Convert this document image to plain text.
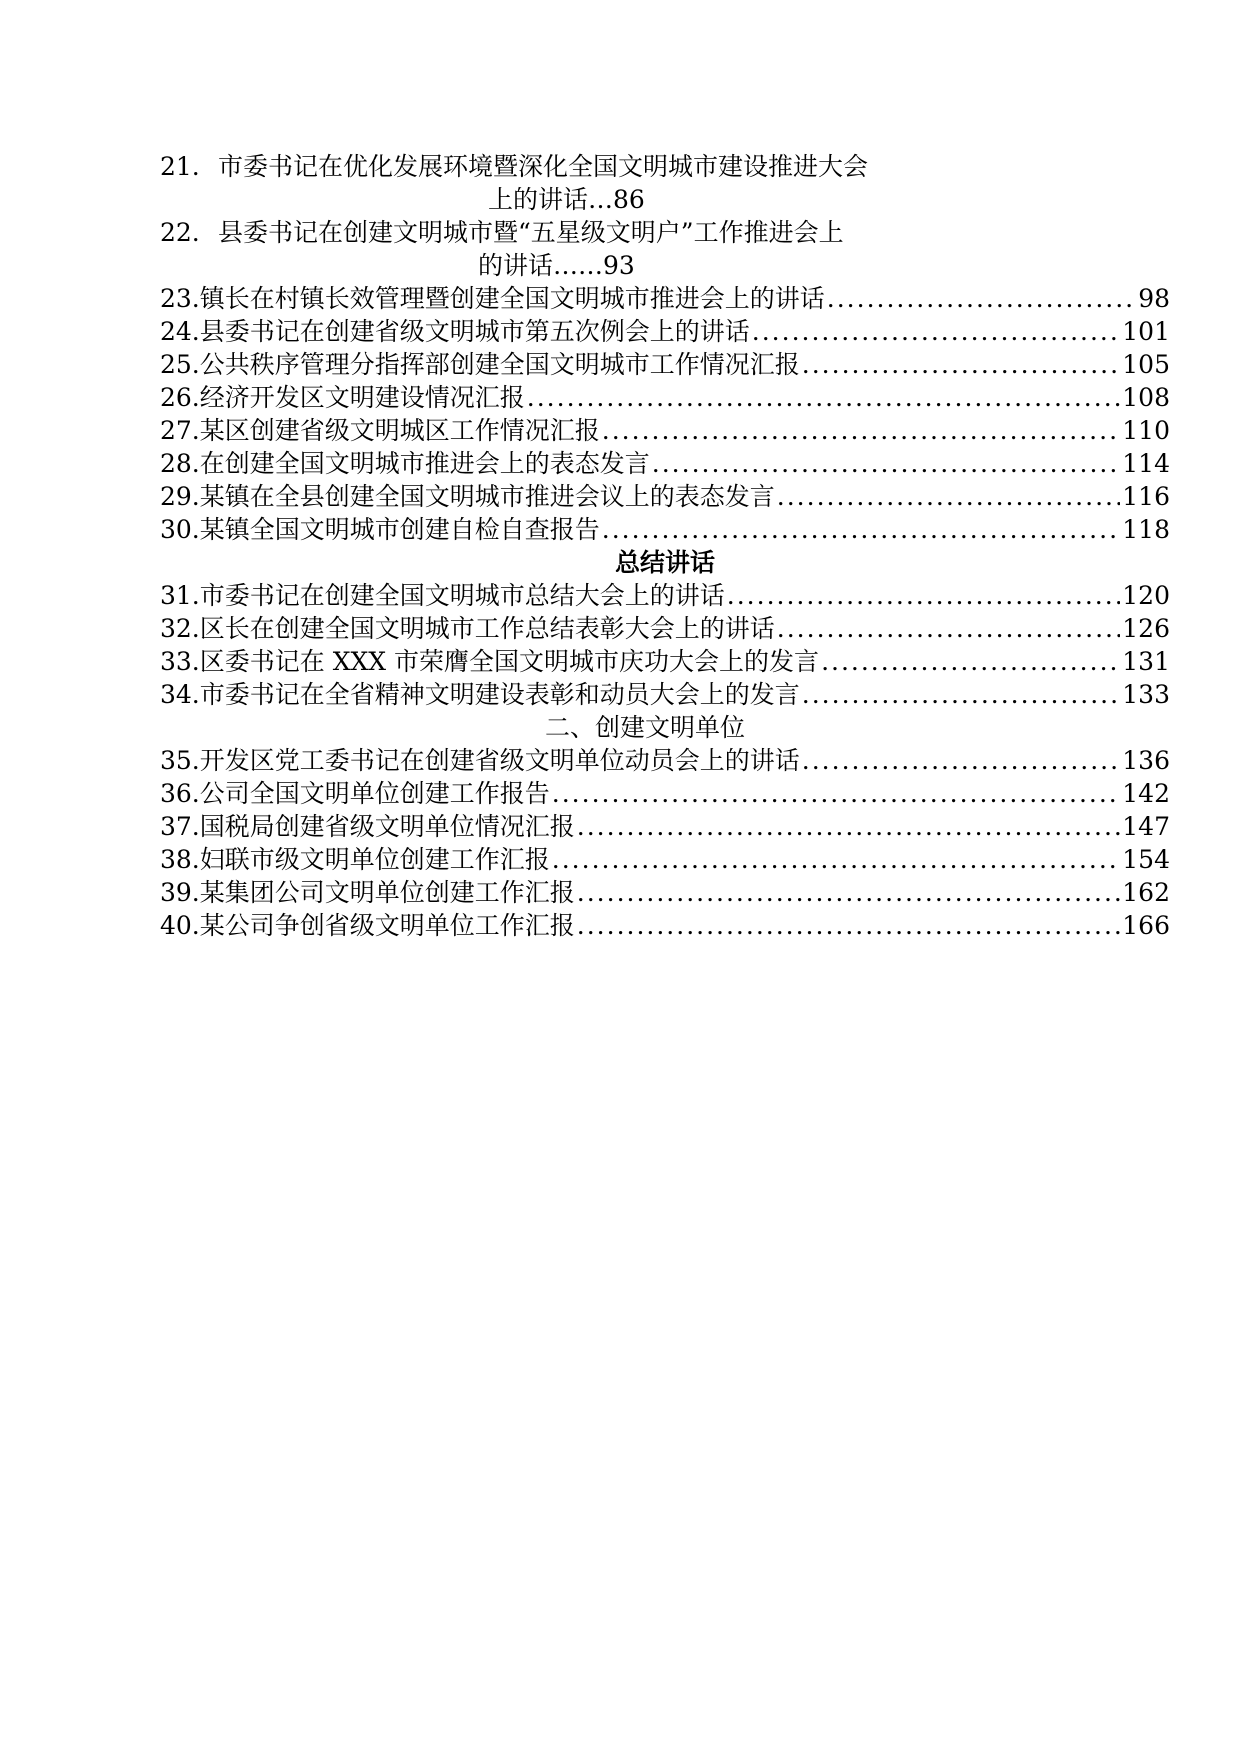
21. 市委书记在优化发展环境暨深化全国文明城市建设推进大会
上的讲话…86
22. 县委书记在创建文明城市暨“五星级文明户”工作推进会上
的讲话……93
23. 镇长在村镇长效管理暨创建全国文明城市推进会上的讲话 .....	98
24. 县委书记在创建省级文明城市第五次例会上的讲话 .....	101
25. 公共秩序管理分指挥部创建全国文明城市工作情况汇报 .....	105
26. 经济开发区文明建设情况汇报 .....	108
27. 某区创建省级文明城区工作情况汇报 .....	110
28. 在创建全国文明城市推进会上的表态发言 .....	114
29. 某镇在全县创建全国文明城市推进会议上的表态发言 .....	116
30. 某镇全国文明城市创建自检自查报告 .....	118
总结讲话
31. 市委书记在创建全国文明城市总结大会上的讲话 .....	120
32. 区长在创建全国文明城市工作总结表彰大会上的讲话 .....	126
33. 区委书记在 XXX 市荣膺全国文明城市庆功大会上的发言 .....	131
34. 市委书记在全省精神文明建设表彰和动员大会上的发言 .....	133
二、创建文明单位
35. 开发区党工委书记在创建省级文明单位动员会上的讲话 .....	136
36. 公司全国文明单位创建工作报告 .....	142
37. 国税局创建省级文明单位情况汇报 .....	147
38. 妇联市级文明单位创建工作汇报 .....	154
39. 某集团公司文明单位创建工作汇报 .....	162
40. 某公司争创省级文明单位工作汇报 .....	166
